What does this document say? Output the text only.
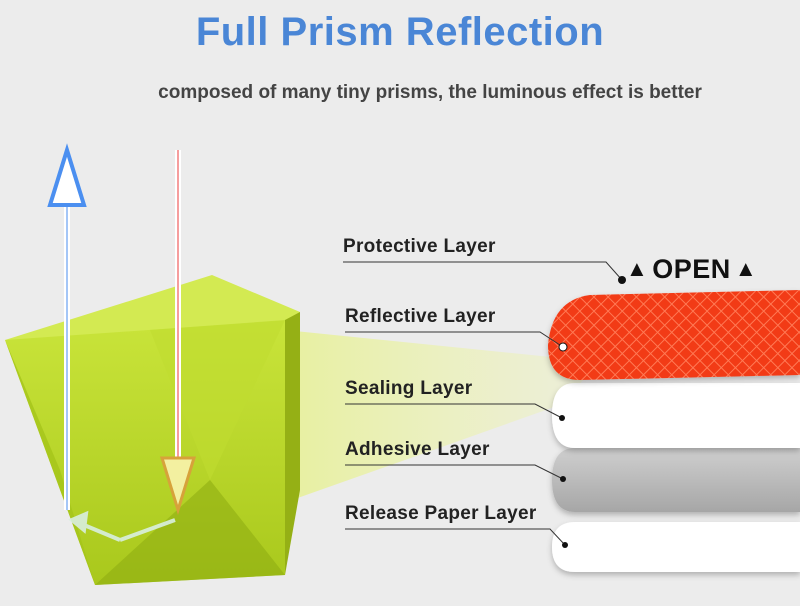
Full Prism Reflection
composed of many tiny prisms, the luminous effect is better
▲ OPEN ▲
Protective Layer
Reflective Layer
Sealing Layer
Adhesive Layer
Release Paper Layer
